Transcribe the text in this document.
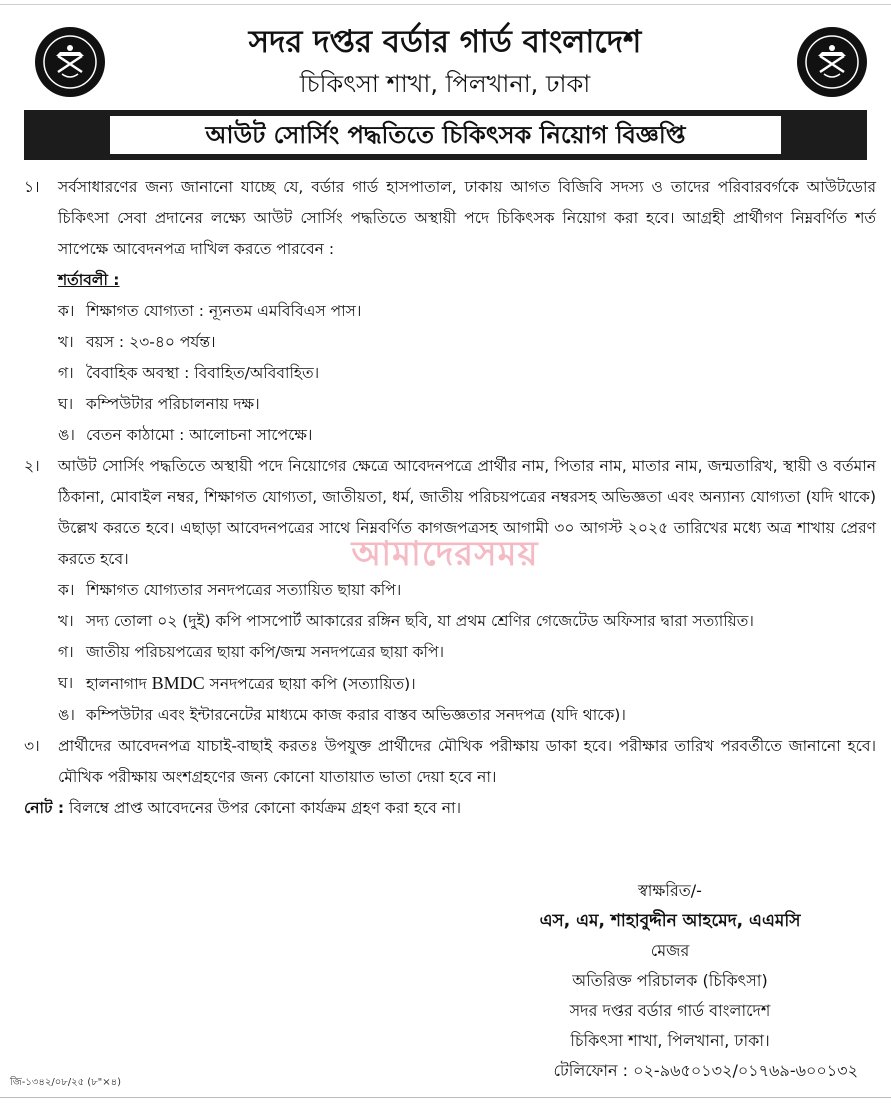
সদর দপ্তর বর্ডার গার্ড বাংলাদেশ
চিকিৎসা শাখা, পিলখানা, ঢাকা
আউট সোর্সিং পদ্ধতিতে চিকিৎসক নিয়োগ বিজ্ঞপ্তি
১।	সর্বসাধারণের জন্য জানানো যাচ্ছে যে, বর্ডার গার্ড হাসপাতাল, ঢাকায় আগত বিজিবি সদস্য ও তাদের পরিবারবর্গকে আউটডোর চিকিৎসা সেবা প্রদানের লক্ষ্যে আউট সোর্সিং পদ্ধতিতে অস্থায়ী পদে চিকিৎসক নিয়োগ করা হবে। আগ্রহী প্রার্থীগণ নিম্নবর্ণিত শর্ত সাপেক্ষে আবেদনপত্র দাখিল করতে পারবেন :

শর্তাবলী :
ক। শিক্ষাগত যোগ্যতা : ন্যূনতম এমবিবিএস পাস।
খ। বয়স : ২৩-৪০ পর্যন্ত।
গ। বৈবাহিক অবস্থা : বিবাহিত/অবিবাহিত।
ঘ। কম্পিউটার পরিচালনায় দক্ষ।
ঙ। বেতন কাঠামো : আলোচনা সাপেক্ষে।
২।	আউট সোর্সিং পদ্ধতিতে অস্থায়ী পদে নিয়োগের ক্ষেত্রে আবেদনপত্রে প্রার্থীর নাম, পিতার নাম, মাতার নাম, জন্মতারিখ, স্থায়ী ও বর্তমান ঠিকানা, মোবাইল নম্বর, শিক্ষাগত যোগ্যতা, জাতীয়তা, ধর্ম, জাতীয় পরিচয়পত্রের নম্বরসহ অভিজ্ঞতা এবং অন্যান্য যোগ্যতা (যদি থাকে) উল্লেখ করতে হবে। এছাড়া আবেদনপত্রের সাথে নিম্নবর্ণিত কাগজপত্রসহ আগামী ৩০ আগস্ট ২০২৫ তারিখের মধ্যে অত্র শাখায় প্রেরণ করতে হবে।

ক। শিক্ষাগত যোগ্যতার সনদপত্রের সত্যায়িত ছায়া কপি।
খ। সদ্য তোলা ০২ (দুই) কপি পাসপোর্ট আকারের রঙ্গিন ছবি, যা প্রথম শ্রেণির গেজেটেড অফিসার দ্বারা সত্যায়িত।
গ। জাতীয় পরিচয়পত্রের ছায়া কপি/জন্ম সনদপত্রের ছায়া কপি।
ঘ। হালনাগাদ BMDC সনদপত্রের ছায়া কপি (সত্যায়িত)।
ঙ। কম্পিউটার এবং ইন্টারনেটের মাধ্যমে কাজ করার বাস্তব অভিজ্ঞতার সনদপত্র (যদি থাকে)।
৩।	প্রার্থীদের আবেদনপত্র যাচাই-বাছাই করতঃ উপযুক্ত প্রার্থীদের মৌখিক পরীক্ষায় ডাকা হবে। পরীক্ষার তারিখ পরবর্তীতে জানানো হবে। মৌখিক পরীক্ষায় অংশগ্রহণের জন্য কোনো যাতায়াত ভাতা দেয়া হবে না।

নোট : বিলম্বে প্রাপ্ত আবেদনের উপর কোনো কার্যক্রম গ্রহণ করা হবে না।

আমাদেরসময়
স্বাক্ষরিত/-
এস, এম, শাহাবুদ্দীন আহমেদ, এএমসি
মেজর
অতিরিক্ত পরিচালক (চিকিৎসা)
সদর দপ্তর বর্ডার গার্ড বাংলাদেশ
চিকিৎসা শাখা, পিলখানা, ঢাকা।
টেলিফোন : ০২-৯৬৫০১৩২/০১৭৬৯-৬০০১৩২
জি-১৩৪২/০৮/২৫ (৮"×৪)
